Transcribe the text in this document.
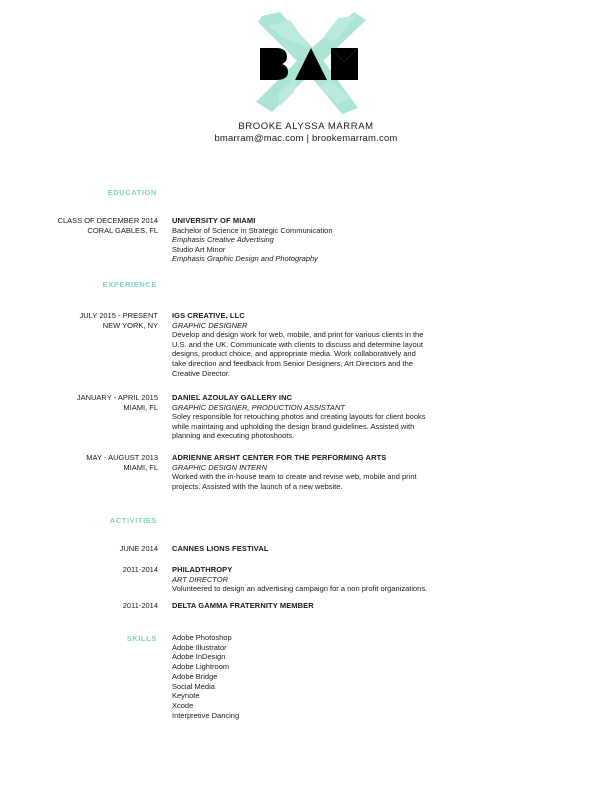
BROOKE ALYSSA MARRAM
bmarram@mac.com | brookemarram.com
EDUCATION
CLASS OF DECEMBER 2014
CORAL GABLES, FL
UNIVERSITY OF MIAMI
Bachelor of Science in Strategic Communication
Emphasis Creative Advertising
Studio Art Minor
Emphasis Graphic Design and Photography
EXPERIENCE
JULY 2015 - PRESENT
NEW YORK, NY
IGS CREATIVE, LLC
GRAPHIC DESIGNER
Develop and design work for web, mobile, and print for various clients in the
U.S. and the UK. Communicate with clients to discuss and determine layout
designs, product choice, and appropriate media. Work collaboratively and
take direction and feedback from Senior Designers, Art Directors and the
Creative Director.
JANUARY - APRIL 2015
MIAMI, FL
DANIEL AZOULAY GALLERY INC
GRAPHIC DESIGNER, PRODUCTION ASSISTANT
Soley responsible for retouching photos and creating layouts for client books
while maintaing and upholding the design brand guidelines. Assisted with
planning and executing photoshoots.
MAY - AUGUST 2013
MIAMI, FL
ADRIENNE ARSHT CENTER FOR THE PERFORMING ARTS
GRAPHIC DESIGN INTERN
Worked with the in-house team to create and revise web, mobile and print
projects. Assisted with the launch of a new website.
ACTIVITIES
JUNE 2014 CANNES LIONS FESTIVAL
2011-2014 PHILADTHROPY
ART DIRECTOR
Volunteered to design an advertising campaign for a non profit organizations.
2011-2014 DELTA GAMMA FRATERNITY MEMBER
SKILLS Adobe Photoshop
Adobe Illustrator
Adobe InDesign
Adobe Lightroom
Adobe Bridge
Social Media
Keynote
Xcode
Interpretive Dancing
